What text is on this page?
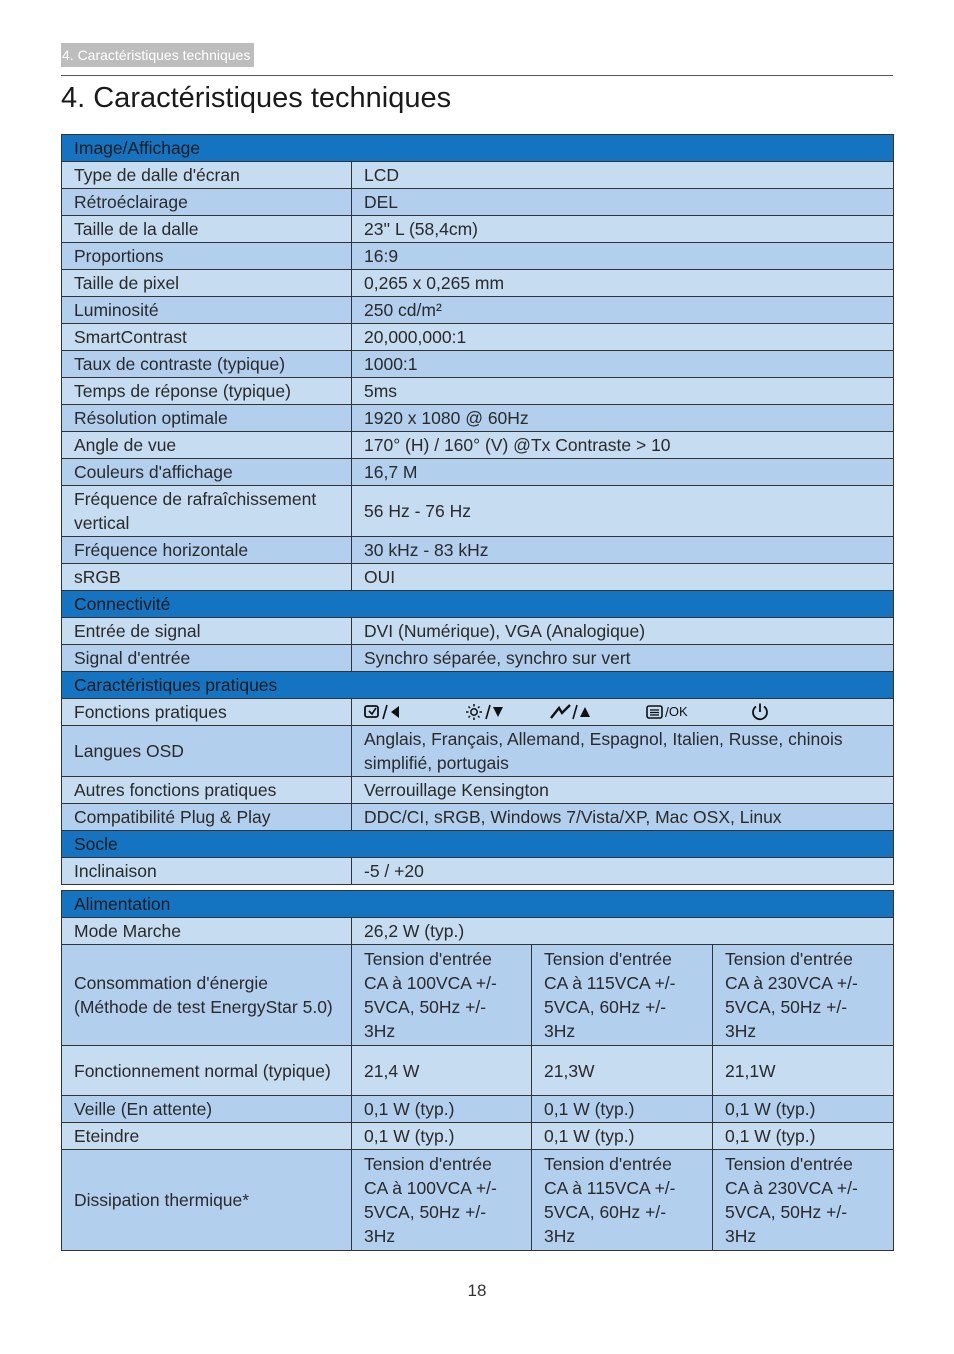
4. Caractéristiques techniques
4. Caractéristiques techniques
Image/Affichage	
Type de dalle d'écran	LCD
Rétroéclairage	DEL
Taille de la dalle	23'' L (58,4cm)
Proportions	16:9
Taille de pixel	0,265 x 0,265 mm
Luminosité	250 cd/m²
SmartContrast	20,000,000:1
Taux de contraste (typique)	1000:1
Temps de réponse (typique)	5ms
Résolution optimale	1920 x 1080 @ 60Hz
Angle de vue	170° (H) / 160° (V) @Tx Contraste > 10
Couleurs d'affichage	16,7 M
Fréquence de rafraîchissement vertical	56 Hz - 76 Hz
Fréquence horizontale	30 kHz - 83 kHz
sRGB	OUI
Connectivité	
Entrée de signal	DVI (Numérique), VGA (Analogique)
Signal d'entrée	Synchro séparée, synchro sur vert
Caractéristiques pratiques	
Fonctions pratiques	/ OK

Langues OSD	Anglais, Français, Allemand, Espagnol, Italien, Russe, chinois simplifié, portugais
Autres fonctions pratiques	Verrouillage Kensington
Compatibilité Plug & Play	DDC/CI, sRGB, Windows 7/Vista/XP, Mac OSX, Linux
Socle	
Inclinaison	-5 / +20
Alimentation			
Mode Marche	26,2 W (typ.)		
Consommation d'énergie (Méthode de test EnergyStar 5.0)	Tension d'entrée CA à 100VCA +/- 5VCA, 50Hz +/- 3Hz	Tension d'entrée CA à 115VCA +/- 5VCA, 60Hz +/- 3Hz	Tension d'entrée CA à 230VCA +/- 5VCA, 50Hz +/- 3Hz
Fonctionnement normal (typique)	21,4 W	21,3W	21,1W
Veille (En attente)	0,1 W (typ.)	0,1 W (typ.)	0,1 W (typ.)
Eteindre	0,1 W (typ.)	0,1 W (typ.)	0,1 W (typ.)
Dissipation thermique*	Tension d'entrée CA à 100VCA +/- 5VCA, 50Hz +/- 3Hz	Tension d'entrée CA à 115VCA +/- 5VCA, 60Hz +/- 3Hz	Tension d'entrée CA à 230VCA +/- 5VCA, 50Hz +/- 3Hz
18
